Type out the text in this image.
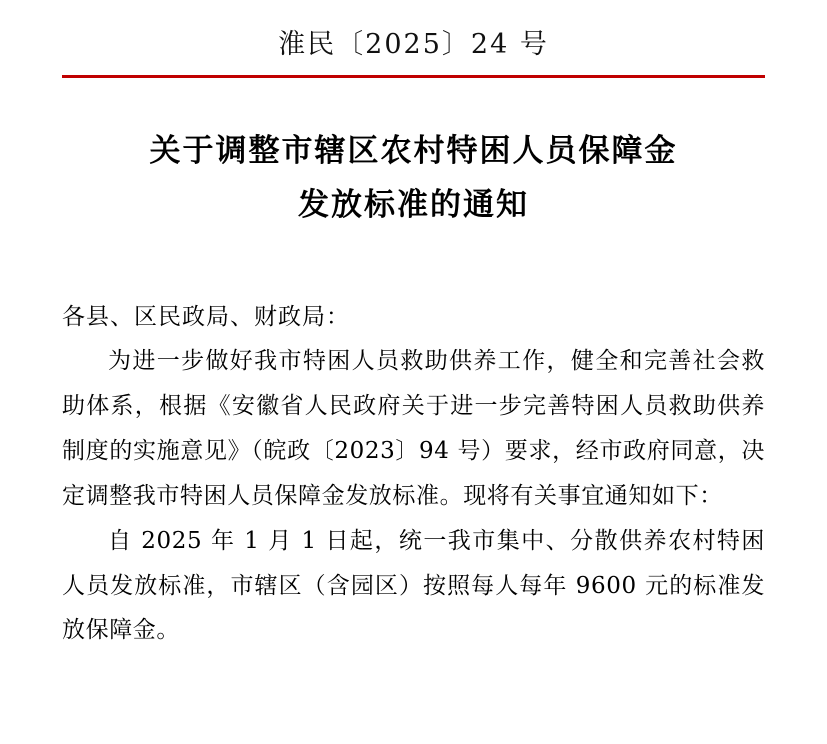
淮民〔2025〕24 号
关于调整市辖区农村特困人员保障金
发放标准的通知
各县、区民政局、财政局：
为进一步做好我市特困人员救助供养工作，健全和完善社会救助体系，根据《安徽省人民政府关于进一步完善特困人员救助供养制度的实施意见》（皖政〔2023〕94 号）要求，经市政府同意，决定调整我市特困人员保障金发放标准。现将有关事宜通知如下：
自 2025 年 1 月 1 日起，统一我市集中、分散供养农村特困人员发放标准，市辖区（含园区）按照每人每年 9600 元的标准发放保障金。
